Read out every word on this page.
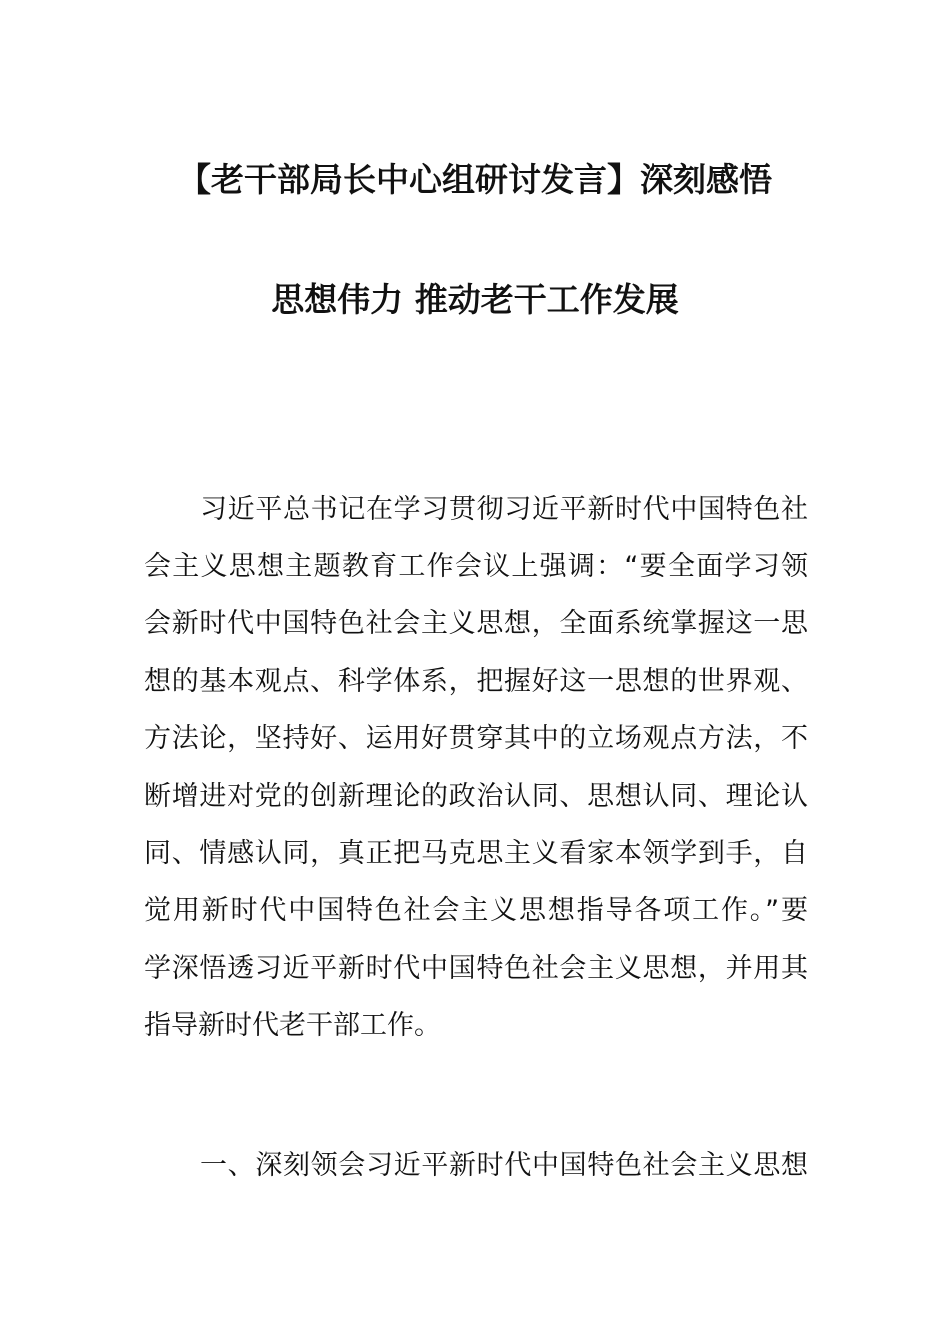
【老干部局长中心组研讨发言】深刻感悟
思想伟力 推动老干工作发展
习近平总书记在学习贯彻习近平新时代中国特色社
会主义思想主题教育工作会议上强调：“要全面学习领
会新时代中国特色社会主义思想，全面系统掌握这一思
想的基本观点、科学体系，把握好这一思想的世界观、
方法论，坚持好、运用好贯穿其中的立场观点方法，不
断增进对党的创新理论的政治认同、思想认同、理论认
同、情感认同，真正把马克思主义看家本领学到手，自
觉用新时代中国特色社会主义思想指导各项工作。”要
学深悟透习近平新时代中国特色社会主义思想，并用其
指导新时代老干部工作。
一、深刻领会习近平新时代中国特色社会主义思想
